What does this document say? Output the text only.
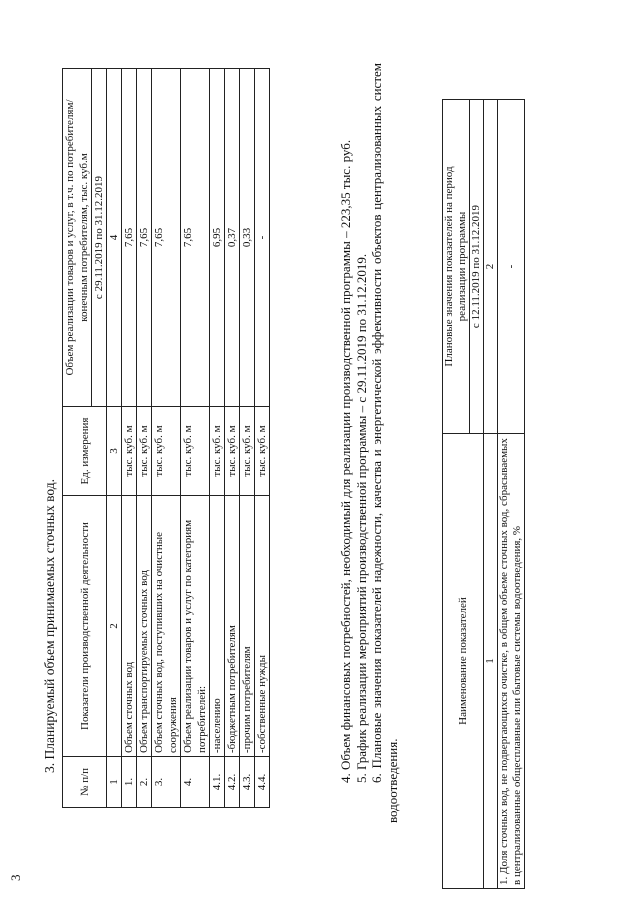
3
3. Планируемый объем принимаемых сточных вод.
№ п/п	Показатели производственной деятельности	Ед. измерения	Объем реализации товаров и услуг, в т.ч. по потребителям/ конечным потребителям, тыс. куб.м

			с 29.11.2019 по 31.12.2019
1	2	3	4
1.	Объем сточных вод	тыс. куб. м	7,65
2.	Объем транспортируемых сточных вод	тыс. куб. м	7,65
3.	Объем сточных вод, поступивших на очистные сооружения	тыс. куб. м	7,65
4.	Объем реализации товаров и услуг по категориям потребителей:	тыс. куб. м	7,65
4.1.	-населению	тыс. куб. м	6,95
4.2.	-бюджетным потребителям	тыс. куб. м	0,37
4.3.	-прочим потребителям	тыс. куб. м	0,33
4.4.	-собственные нужды	тыс. куб. м	-	4. Объем финансовых потребностей, необходимый для реализации производственной программы – 223,35 тыс. руб. 5. График реализации мероприятий производственной программы – с 29.11.2019 по 31.12.2019. 6. Плановые значения показателей надежности, качества и энергетической эффективности объектов централизованных систем водоотведения.

Наименование показателей	Плановые значения показателей на период реализации программы

	с 12.11.2019 по 31.12.2019
1	2
1. Доля сточных вод, не подвергающихся очистке, в общем объеме сточных вод, сбрасываемых в централизованные общесплавные или бытовые системы водоотведения, %	-
